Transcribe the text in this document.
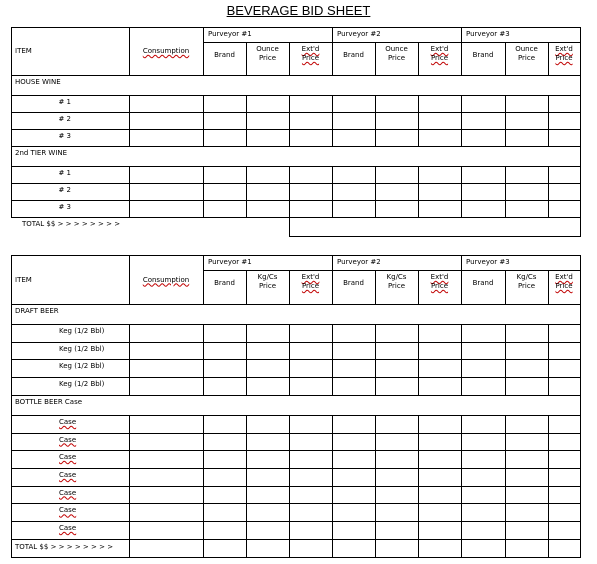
BEVERAGE BID SHEET
ITEM	Consumption
Purveyor #1
Brand
Ounce
Price
Ext'd
Price
Purveyor #2
Brand
Ounce
Price
Ext'd
Price
Purveyor #3
Brand
Ounce
Price
Ext'd
Price
HOUSE WINE
# 1
# 2
# 3
2nd TIER WINE
# 1
# 2
# 3
TOTAL $$ > > > > > > > >
ITEM	Consumption
Purveyor #1
Brand
Kg/Cs
Price
Ext'd
Price
Purveyor #2
Brand
Kg/Cs
Price
Ext'd
Price
Purveyor #3
Brand
Kg/Cs
Price
Ext'd
Price
DRAFT BEER
Keg (1/2 Bbl)
Keg (1/2 Bbl)
Keg (1/2 Bbl)
Keg (1/2 Bbl)
BOTTLE BEER Case
Case
Case
Case
Case
Case
Case
Case
TOTAL $$ > > > > > > > >
